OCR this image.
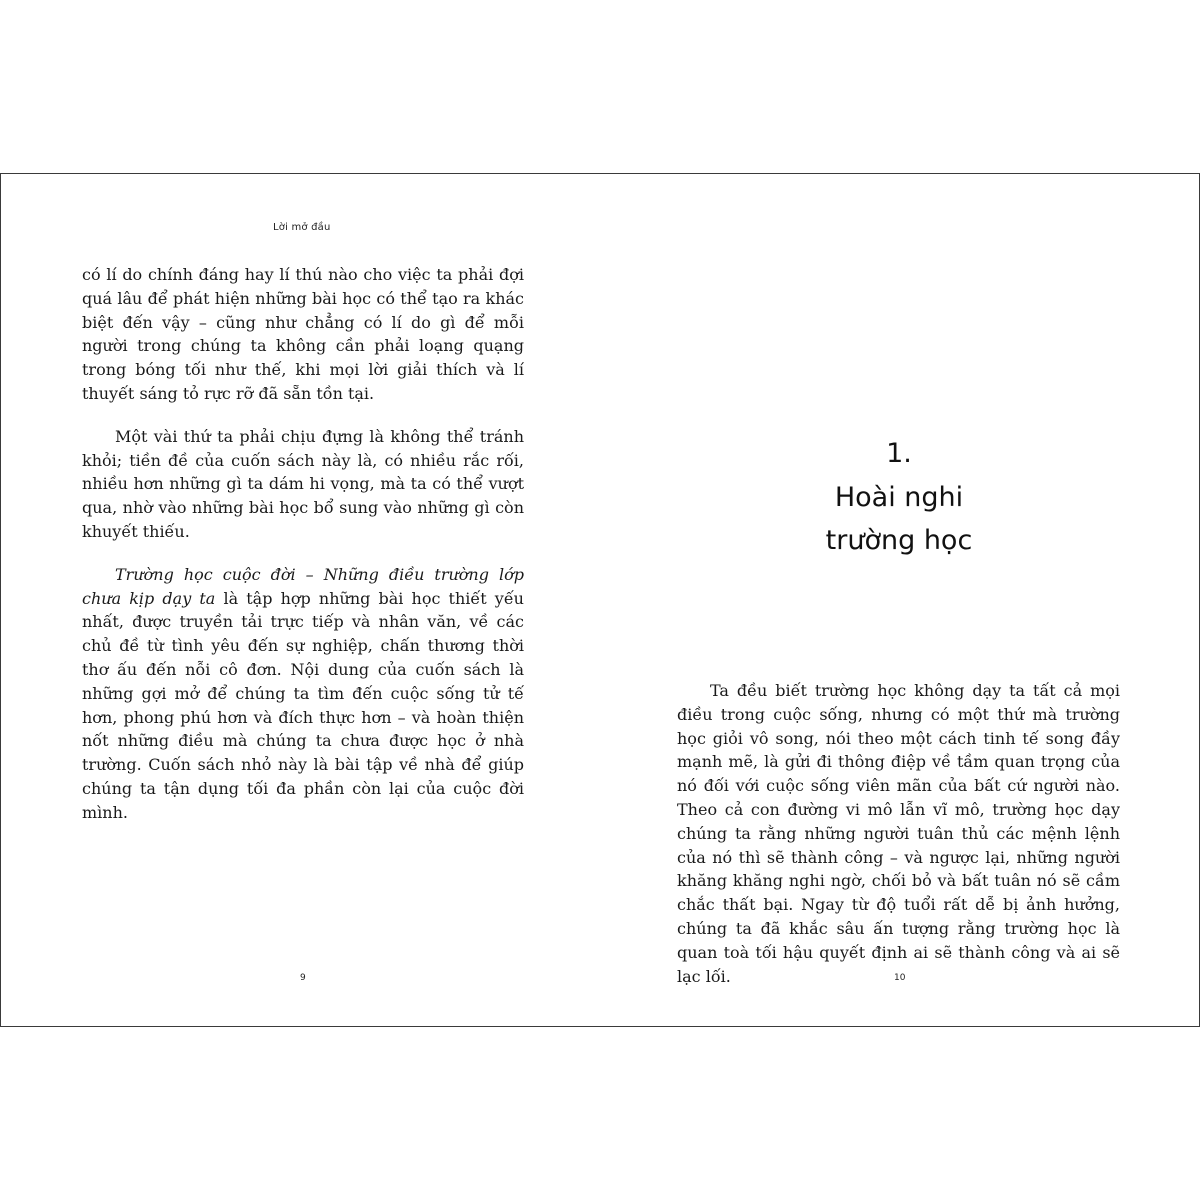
Lời mở đầu

có lí do chính đáng hay lí thú nào cho việc ta phải đợi quá lâu để phát hiện những bài học có thể tạo ra khác biệt đến vậy – cũng như chẳng có lí do gì để mỗi người trong chúng ta không cần phải loạng quạng trong bóng tối như thế, khi mọi lời giải thích và lí thuyết sáng tỏ rực rỡ đã sẵn tồn tại.

Một vài thứ ta phải chịu đựng là không thể tránh khỏi; tiền đề của cuốn sách này là, có nhiều rắc rối, nhiều hơn những gì ta dám hi vọng, mà ta có thể vượt qua, nhờ vào những bài học bổ sung vào những gì còn khuyết thiếu.

Trường học cuộc đời – Những điều trường lớp chưa kịp dạy ta là tập hợp những bài học thiết yếu nhất, được truyền tải trực tiếp và nhân văn, về các chủ đề từ tình yêu đến sự nghiệp, chấn thương thời thơ ấu đến nỗi cô đơn. Nội dung của cuốn sách là những gợi mở để chúng ta tìm đến cuộc sống tử tế hơn, phong phú hơn và đích thực hơn – và hoàn thiện nốt những điều mà chúng ta chưa được học ở nhà trường. Cuốn sách nhỏ này là bài tập về nhà để giúp chúng ta tận dụng tối đa phần còn lại của cuộc đời mình.

9
1.
Hoài nghi
trường học

Ta đều biết trường học không dạy ta tất cả mọi điều trong cuộc sống, nhưng có một thứ mà trường học giỏi vô song, nói theo một cách tinh tế song đầy mạnh mẽ, là gửi đi thông điệp về tầm quan trọng của nó đối với cuộc sống viên mãn của bất cứ người nào. Theo cả con đường vi mô lẫn vĩ mô, trường học dạy chúng ta rằng những người tuân thủ các mệnh lệnh của nó thì sẽ thành công – và ngược lại, những người khăng khăng nghi ngờ, chối bỏ và bất tuân nó sẽ cầm chắc thất bại. Ngay từ độ tuổi rất dễ bị ảnh hưởng, chúng ta đã khắc sâu ấn tượng rằng trường học là quan toà tối hậu quyết định ai sẽ thành công và ai sẽ lạc lối.	10
